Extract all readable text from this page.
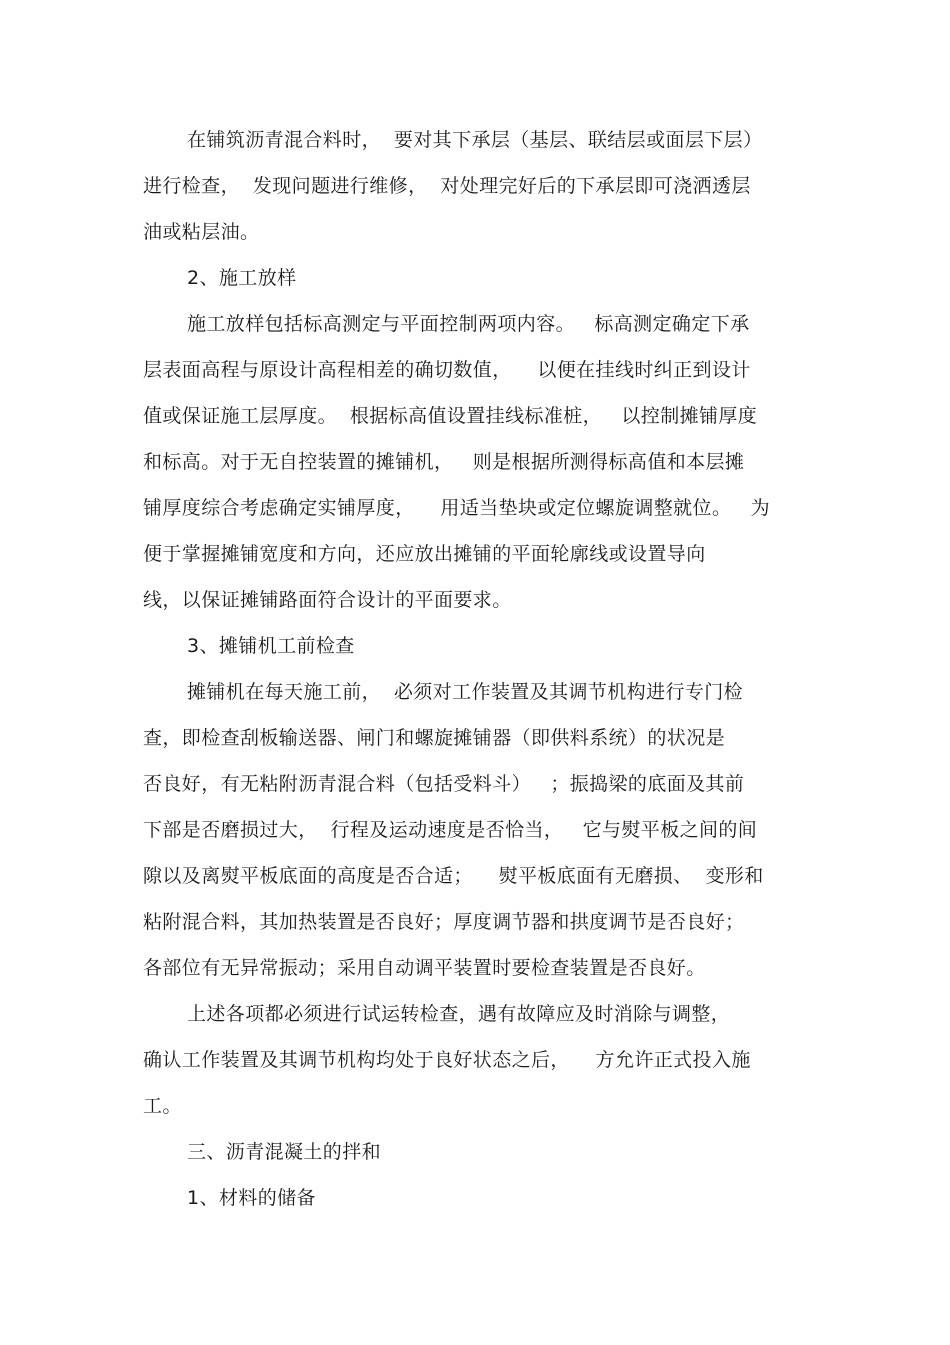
在铺筑沥青混合料时，  要对其下承层（基层、联结层或面层下层）
进行检查，  发现问题进行维修，  对处理完好后的下承层即可浇洒透层
油或粘层油。
2、施工放样
施工放样包括标高测定与平面控制两项内容。   标高测定确定下承
层表面高程与原设计高程相差的确切数值，    以便在挂线时纠正到设计
值或保证施工层厚度。  根据标高值设置挂线标准桩，   以控制摊铺厚度
和标高。对于无自控装置的摊铺机，   则是根据所测得标高值和本层摊
铺厚度综合考虑确定实铺厚度，    用适当垫块或定位螺旋调整就位。   为
便于掌握摊铺宽度和方向，还应放出摊铺的平面轮廓线或设置导向
线，以保证摊铺路面符合设计的平面要求。
3、摊铺机工前检查
摊铺机在每天施工前，  必须对工作装置及其调节机构进行专门检
查，即检查刮板输送器、闸门和螺旋摊铺器（即供料系统）的状况是
否良好，有无粘附沥青混合料（包括受料斗）   ；振捣梁的底面及其前
下部是否磨损过大，  行程及运动速度是否恰当，   它与熨平板之间的间
隙以及离熨平板底面的高度是否合适；    熨平板底面有无磨损、  变形和
粘附混合料，其加热装置是否良好；厚度调节器和拱度调节是否良好；
各部位有无异常振动；采用自动调平装置时要检查装置是否良好。
上述各项都必须进行试运转检查，遇有故障应及时消除与调整，
确认工作装置及其调节机构均处于良好状态之后，    方允许正式投入施
工。
三、沥青混凝土的拌和
1、材料的储备
